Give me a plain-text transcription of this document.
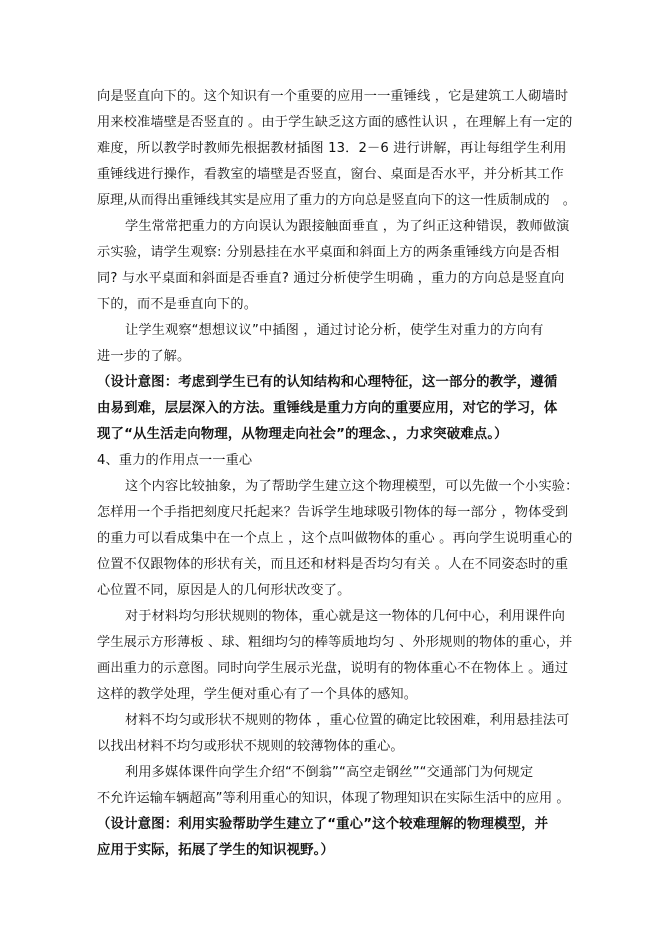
向是竖直向下的。这个知识有一个重要的应用一一重锤线 ，它是建筑工人砌墙时
用来校准墙壁是否竖直的 。由于学生缺乏这方面的感性认识 ，在理解上有一定的
难度，所以教学时教师先根据教材插图 13．2－6 进行讲解，再让每组学生利用
重锤线进行操作，看教室的墙壁是否竖直，窗台、桌面是否水平，并分析其工作
原理,从而得出重锤线其实是应用了重力的方向总是竖直向下的这一性质制成的　。
学生常常把重力的方向误认为跟接触面垂直 ，为了纠正这种错误，教师做演
示实验，请学生观察: 分别悬挂在水平桌面和斜面上方的两条重锤线方向是否相
同? 与水平桌面和斜面是否垂直? 通过分析使学生明确 ，重力的方向总是竖直向
下的，而不是垂直向下的。
让学生观察“想想议议”中插图 ，通过讨论分析，使学生对重力的方向有
进一步的了解。
（设计意图：考虑到学生已有的认知结构和心理特征，这一部分的教学，遵循
由易到难，层层深入的方法。重锤线是重力方向的重要应用，对它的学习，体
现了“从生活走向物理，从物理走向社会”的理念、，力求突破难点。）
4、重力的作用点一一重心
这个内容比较抽象，为了帮助学生建立这个物理模型，可以先做一个小实验：
怎样用一个手指把刻度尺托起来？告诉学生地球吸引物体的每一部分 ，物体受到
的重力可以看成集中在一个点上 ，这个点叫做物体的重心 。再向学生说明重心的
位置不仅跟物体的形状有关，而且还和材料是否均匀有关 。人在不同姿态时的重
心位置不同，原因是人的几何形状改变了。
对于材料均匀形状规则的物体，重心就是这一物体的几何中心，利用课件向
学生展示方形薄板 、球、粗细均匀的棒等质地均匀 、外形规则的物体的重心，并
画出重力的示意图。同时向学生展示光盘，说明有的物体重心不在物体上 。通过
这样的教学处理，学生便对重心有了一个具体的感知。
材料不均匀或形状不规则的物体 ，重心位置的确定比较困难，利用悬挂法可
以找出材料不均匀或形状不规则的较薄物体的重心。
利用多媒体课件向学生介绍“不倒翁”“高空走钢丝”“交通部门为何规定
不允许运输车辆超高”等利用重心的知识，体现了物理知识在实际生活中的应用 。
（设计意图：利用实验帮助学生建立了“重心”这个较难理解的物理模型，并
应用于实际，拓展了学生的知识视野。）
